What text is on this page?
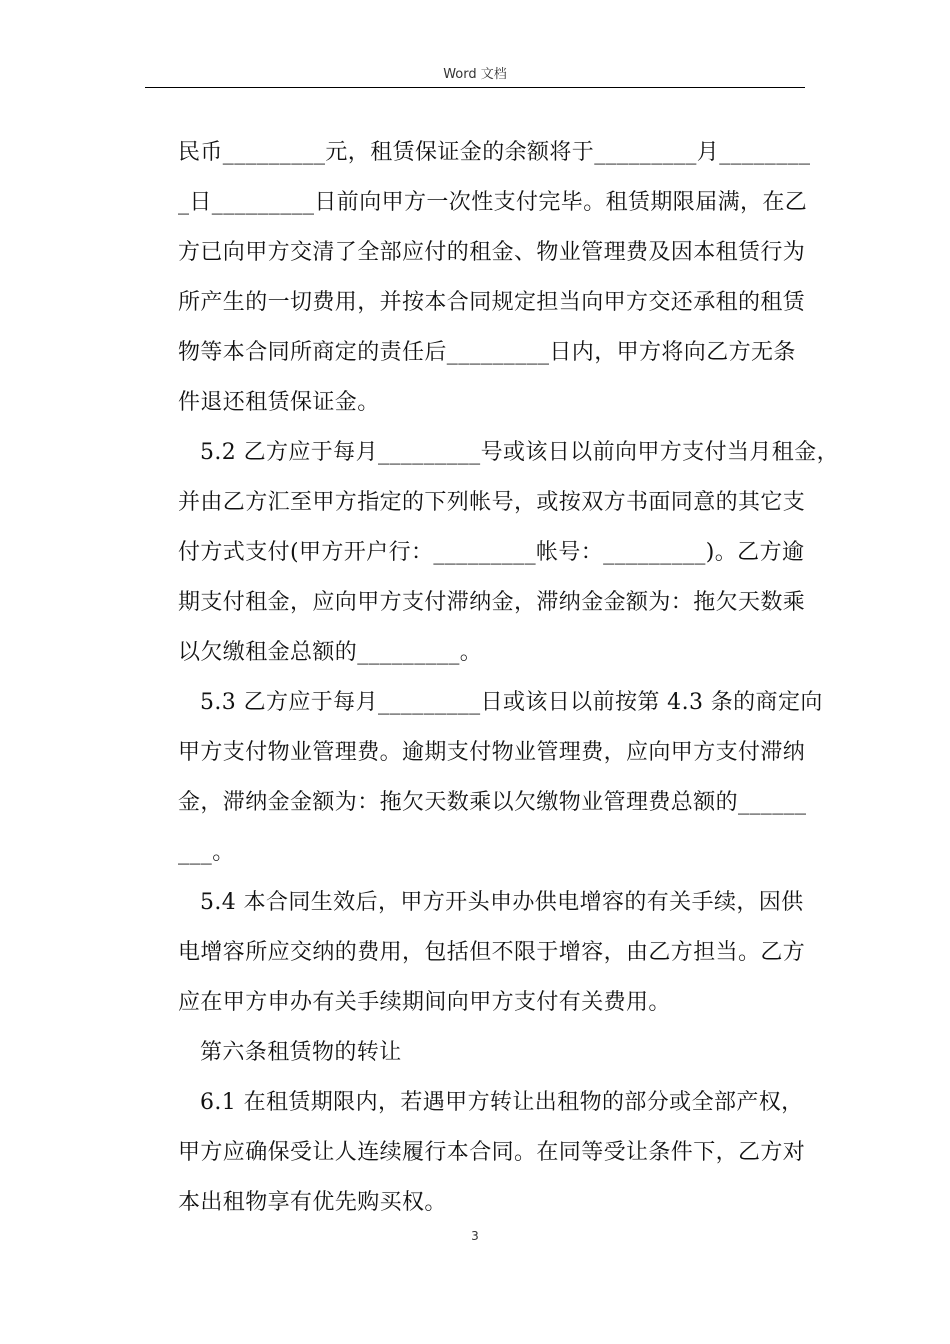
Word 文档
民币_________元，租赁保证金的余额将于_________月________
_日_________日前向甲方一次性支付完毕。租赁期限届满，在乙
方已向甲方交清了全部应付的租金、物业管理费及因本租赁行为
所产生的一切费用，并按本合同规定担当向甲方交还承租的租赁
物等本合同所商定的责任后_________日内，甲方将向乙方无条
件退还租赁保证金。
5.2 乙方应于每月_________号或该日以前向甲方支付当月租金，
并由乙方汇至甲方指定的下列帐号，或按双方书面同意的其它支
付方式支付(甲方开户行：_________帐号：_________)。乙方逾
期支付租金，应向甲方支付滞纳金，滞纳金金额为：拖欠天数乘
以欠缴租金总额的_________。
5.3 乙方应于每月_________日或该日以前按第 4.3 条的商定向
甲方支付物业管理费。逾期支付物业管理费，应向甲方支付滞纳
金，滞纳金金额为：拖欠天数乘以欠缴物业管理费总额的______
___。
5.4 本合同生效后，甲方开头申办供电增容的有关手续，因供
电增容所应交纳的费用，包括但不限于增容，由乙方担当。乙方
应在甲方申办有关手续期间向甲方支付有关费用。
第六条租赁物的转让
6.1 在租赁期限内，若遇甲方转让出租物的部分或全部产权，
甲方应确保受让人连续履行本合同。在同等受让条件下，乙方对
本出租物享有优先购买权。
3
